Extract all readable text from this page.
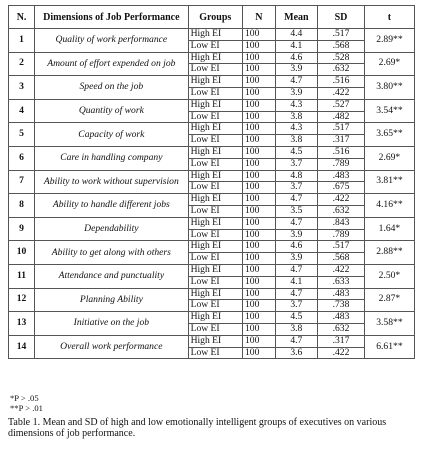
N.	Dimensions of Job Performance	Groups	N	Mean	SD	t
1	Quality of work performance	High EI	100	4.4	.517	2.89**
		Low EI	100	4.1	.568	
2	Amount of effort expended on job	High EI	100	4.6	.528	2.69*
		Low EI	100	3.9	.632	
3	Speed on the job	High EI	100	4.7	.516	3.80**
		Low EI	100	3.9	.422	
4	Quantity of work	High EI	100	4.3	.527	3.54**
		Low EI	100	3.8	.482	
5	Capacity of work	High EI	100	4.3	.517	3.65**
		Low EI	100	3.8	.317	
6	Care in handling company	High EI	100	4.5	.516	2.69*
		Low EI	100	3.7	.789	
7	Ability to work without supervision	High EI	100	4.8	.483	3.81**
		Low EI	100	3.7	.675	
8	Ability to handle different jobs	High EI	100	4.7	.422	4.16**
		Low EI	100	3.5	.632	
9	Dependability	High EI	100	4.7	.843	1.64*
		Low EI	100	3.9	.789	
10	Ability to get along with others	High EI	100	4.6	.517	2.88**
		Low EI	100	3.9	.568	
11	Attendance and punctuality	High EI	100	4.7	.422	2.50*
		Low EI	100	4.1	.633	
12	Planning Ability	High EI	100	4.7	.483	2.87*
		Low EI	100	3.7	.738	
13	Initiative on the job	High EI	100	4.5	.483	3.58**
		Low EI	100	3.8	.632	
14	Overall work performance	High EI	100	4.7	.317	6.61**
		Low EI	100	3.6	.422	
*P > .05
**P > .01
Table 1. Mean and SD of high and low emotionally intelligent groups of executives on various dimensions of job performance.
